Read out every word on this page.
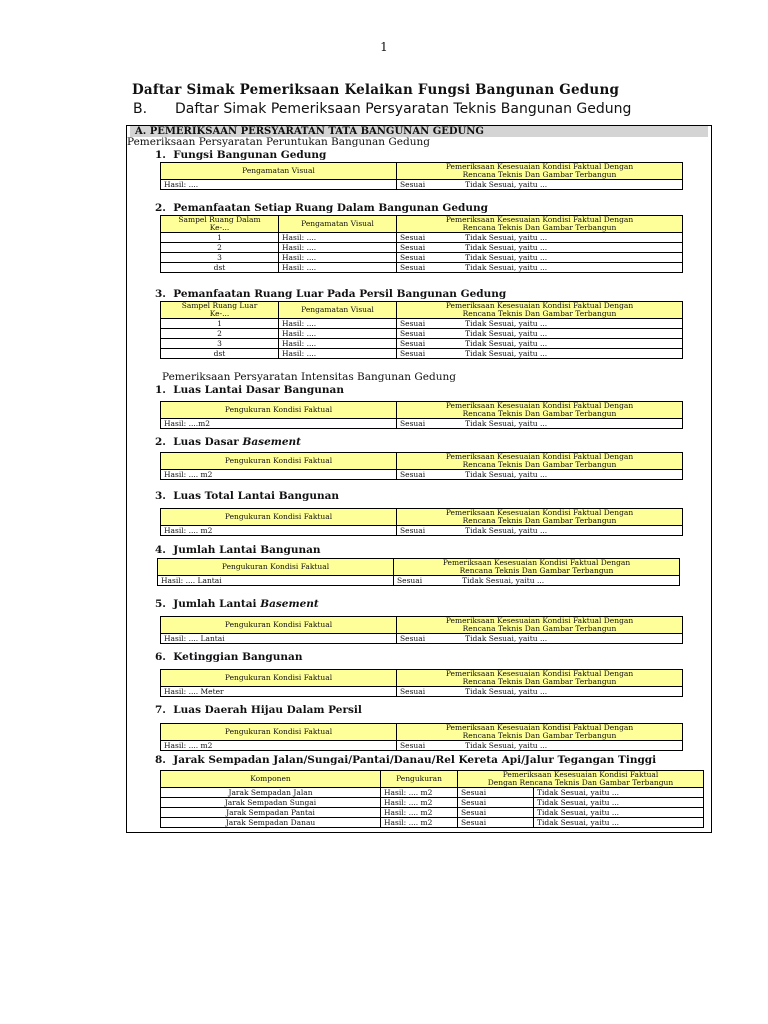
1
Daftar Simak Pemeriksaan Kelaikan Fungsi Bangunan Gedung
B. Daftar Simak Pemeriksaan Persyaratan Teknis Bangunan Gedung
A. PEMERIKSAAN PERSYARATAN TATA BANGUNAN GEDUNG
Pemeriksaan Persyaratan Peruntukan Bangunan Gedung
1. Fungsi Bangunan Gedung
Pengamatan Visual	Pemeriksaan Kesesuaian Kondisi Faktual Dengan
Rencana Teknis Dan Gambar Terbangun
Hasil: ....	Sesuai Tidak Sesuai, yaitu ...
2. Pemanfaatan Setiap Ruang Dalam Bangunan Gedung
Sampel Ruang Dalam
Ke-...	Pengamatan Visual	Pemeriksaan Kesesuaian Kondisi Faktual Dengan
Rencana Teknis Dan Gambar Terbangun
1	Hasil: ....	Sesuai Tidak Sesuai, yaitu ...
2	Hasil: ....	Sesuai Tidak Sesuai, yaitu ...
3	Hasil: ....	Sesuai Tidak Sesuai, yaitu ...
dst	Hasil: ....	Sesuai Tidak Sesuai, yaitu ...
3. Pemanfaatan Ruang Luar Pada Persil Bangunan Gedung
Sampel Ruang Luar
Ke-...	Pengamatan Visual	Pemeriksaan Kesesuaian Kondisi Faktual Dengan
Rencana Teknis Dan Gambar Terbangun
1	Hasil: ....	Sesuai Tidak Sesuai, yaitu ...
2	Hasil: ....	Sesuai Tidak Sesuai, yaitu ...
3	Hasil: ....	Sesuai Tidak Sesuai, yaitu ...
dst	Hasil: ....	Sesuai Tidak Sesuai, yaitu ...
Pemeriksaan Persyaratan Intensitas Bangunan Gedung
1. Luas Lantai Dasar Bangunan
Pengukuran Kondisi Faktual	Pemeriksaan Kesesuaian Kondisi Faktual Dengan
Rencana Teknis Dan Gambar Terbangun
Hasil: ....m2	Sesuai Tidak Sesuai, yaitu ...
2. Luas Dasar Basement
Pengukuran Kondisi Faktual	Pemeriksaan Kesesuaian Kondisi Faktual Dengan
Rencana Teknis Dan Gambar Terbangun
Hasil: .... m2	Sesuai Tidak Sesuai, yaitu ...
3. Luas Total Lantai Bangunan
Pengukuran Kondisi Faktual	Pemeriksaan Kesesuaian Kondisi Faktual Dengan
Rencana Teknis Dan Gambar Terbangun
Hasil: .... m2	Sesuai Tidak Sesuai, yaitu ...
4. Jumlah Lantai Bangunan
Pengukuran Kondisi Faktual	Pemeriksaan Kesesuaian Kondisi Faktual Dengan
Rencana Teknis Dan Gambar Terbangun
Hasil: .... Lantai	Sesuai Tidak Sesuai, yaitu ...
5. Jumlah Lantai Basement
Pengukuran Kondisi Faktual	Pemeriksaan Kesesuaian Kondisi Faktual Dengan
Rencana Teknis Dan Gambar Terbangun
Hasil: .... Lantai	Sesuai Tidak Sesuai, yaitu ...
6. Ketinggian Bangunan
Pengukuran Kondisi Faktual	Pemeriksaan Kesesuaian Kondisi Faktual Dengan
Rencana Teknis Dan Gambar Terbangun
Hasil: .... Meter	Sesuai Tidak Sesuai, yaitu ...
7. Luas Daerah Hijau Dalam Persil
Pengukuran Kondisi Faktual	Pemeriksaan Kesesuaian Kondisi Faktual Dengan
Rencana Teknis Dan Gambar Terbangun
Hasil: .... m2	Sesuai Tidak Sesuai, yaitu ...
8. Jarak Sempadan Jalan/Sungai/Pantai/Danau/Rel Kereta Api/Jalur Tegangan Tinggi
Komponen	Pengukuran	Pemeriksaan Kesesuaian Kondisi Faktual
Dengan Rencana Teknis Dan Gambar Terbangun	
Jarak Sempadan Jalan	Hasil: .... m2	Sesuai	Tidak Sesuai, yaitu ...
Jarak Sempadan Sungai	Hasil: .... m2	Sesuai	Tidak Sesuai, yaitu ...
Jarak Sempadan Pantai	Hasil: .... m2	Sesuai	Tidak Sesuai, yaitu ...
Jarak Sempadan Danau	Hasil: .... m2	Sesuai	Tidak Sesuai, yaitu ...
